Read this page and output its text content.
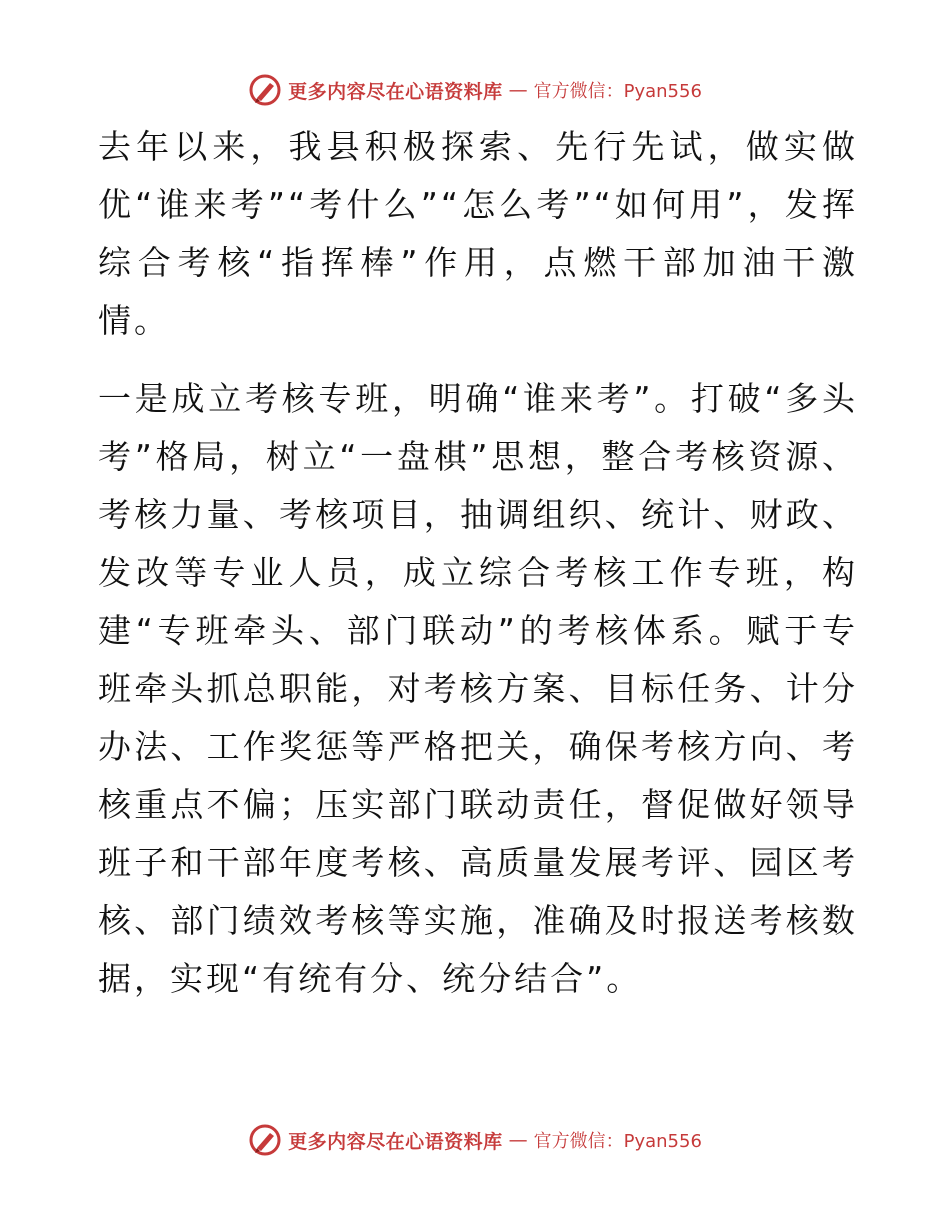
更多内容尽在心语资料库 — 官方微信：Pyan556

去年以来，我县积极探索、先行先试，做实做优“谁来考”“考什么”“怎么考”“如何用”，发挥综合考核“指挥棒”作用，点燃干部加油干激情。

一是成立考核专班，明确“谁来考”。打破“多头考”格局，树立“一盘棋”思想，整合考核资源、考核力量、考核项目，抽调组织、统计、财政、发改等专业人员，成立综合考核工作专班，构建“专班牵头、部门联动”的考核体系。赋于专班牵头抓总职能，对考核方案、目标任务、计分办法、工作奖惩等严格把关，确保考核方向、考核重点不偏；压实部门联动责任，督促做好领导班子和干部年度考核、高质量发展考评、园区考核、部门绩效考核等实施，准确及时报送考核数据，实现“有统有分、统分结合”。

更多内容尽在心语资料库 — 官方微信：Pyan556
